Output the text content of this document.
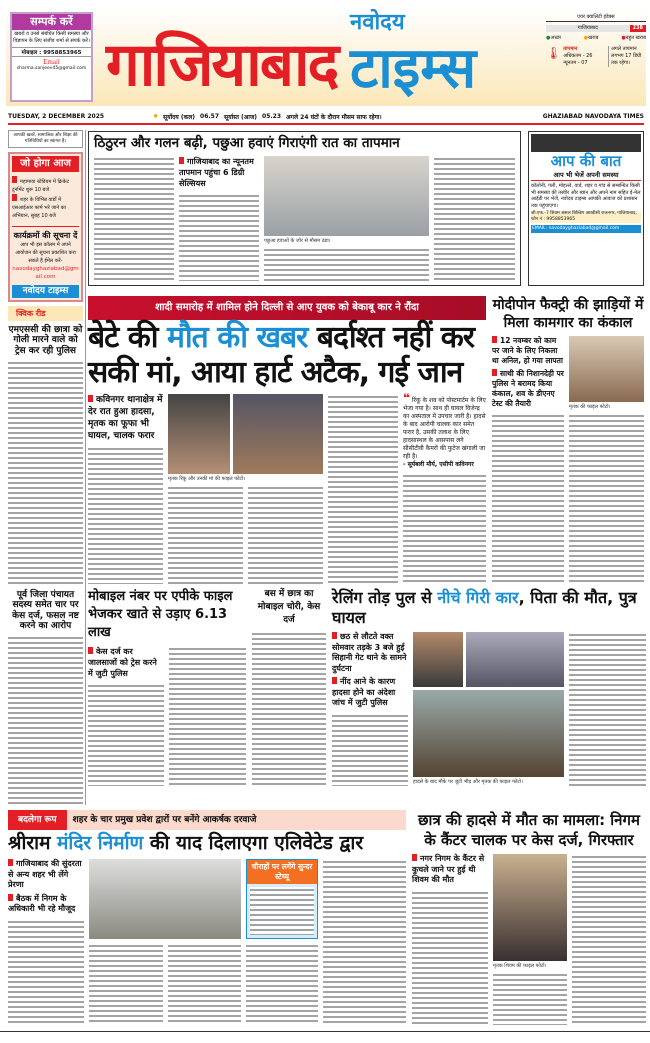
सम्पर्क करें
खबरों व उनसे संबंधित किसी समस्या और विज्ञापन के लिए संजीव शर्मा से संपर्क करें।
मोबाइल : 9958853965
Email
sharma.sanjeev45@gmail.com गाजियाबाद
नवोदय
टाइम्स
एयर क्वालिटी इंडेक्स
गाजियाबाद	238
●अच्छा	●खराब	●बहुत खराब
🌡 तापमान
अधिकतम - 26
न्यूनतम - 07
अगले तापमान लगभग 17 डिग्री तक रहेगा।
TUESDAY, 2 DECEMBER 2025	✹ सूर्योदय (कल) 06.57 सूर्यास्त (आज) 05.23 अगले 24 घंटों के दौरान मौसम साफ रहेगा।	GHAZIABAD NAVODAYA TIMES
आपकी खबरें, सामाजिक और शिक्षा की गतिविधियों का स्वागत है।
जो होगा आज
महामाया स्टेडियम में क्रिकेट टूर्नामेंट शुरू 10 बजे
शहर के विभिन्न वार्डों में एसआईआर फार्म भरे जाने का अभियान, सुबह 10 बजे
कार्यक्रमों की सूचना दें
आप भी इस कॉलम में अपने आयोजन की सूचना प्रकाशित करा सकते हैं ईमेल करें-
navodayghaziabad@gmail.com
नवोदय टाइम्स
क्विक रीड
एमएससी की छात्रा को गोली मारने वाले को ट्रेस कर रही पुलिस
पूर्व जिला पंचायत सदस्य समेत चार पर केस दर्ज, फसल नष्ट करने का आरोप
ठिठुरन और गलन बढ़ी, पछुआ हवाएं गिराएंगी रात का तापमान
गाजियाबाद का न्यूनतम तापमान पहुंचा 6 डिग्री सेल्सियस
पछुआ हवाओं के जोर से मौसम ठंडा।
आप की बात
आप भी भेजें अपनी समस्या
कॉलोनी, गली, मोहल्ले, वार्ड, शहर व गांव से सम्बन्धित किसी भी समस्या की तस्वीर और ब्यान और अपने नाम सहित ई-मेल आईडी पर भेजें, नवोदय टाइम्स आपकी आवाज को प्रशासन तक पहुंचाएगा।
जी.एफ.-7 शिवम अंसल बिल्डिंग आरडीसी राजनगर, गाजियाबाद, फोन नं : 9958853965
EMAIL: navodayghaziabad@gmail.com
शादी समारोह में शामिल होने दिल्ली से आए युवक को बेकाबू कार ने रौंदा
बेटे की मौत की खबर बर्दाश्त नहीं कर सकी मां, आया हार्ट अटैक, गई जान
कविनगर थानाक्षेत्र में देर रात हुआ हादसा, मृतक का फूफा भी घायल, चालक फरार
मृतक रिंकू और उनकी मां की फाइल फोटो।
❝ रिंकू के शव को पोस्टमार्टम के लिए भेजा गया है। साथ ही घायल विजेन्द्र का अस्पताल में उपचार जारी है। हादसे के बाद आरोपी चालक कार समेत फरार है, उसकी तलाश के लिए हादसास्थल के आसपास लगे सीसीटीवी कैमरों की फुटेज खंगाली जा रही है।
- सूर्यबली मौर्य, एसीपी कविनगर
मोदीपोन फैक्ट्री की झाड़ियों में मिला कामगार का कंकाल
12 नवम्बर को काम पर जाने के लिए निकला था अनिल, हो गया लापता
साथी की निशानदेही पर पुलिस ने बरामद किया कंकाल, शव के डीएनए टेस्ट की तैयारी	मृतक की फाइल फोटो।
मोबाइल नंबर पर एपीके फाइल भेजकर खाते से उड़ाए 6.13 लाख
केस दर्ज कर जालसाजों को ट्रेस करने में जुटी पुलिस
बस में छात्र का मोबाइल चोरी, केस दर्ज
रेलिंग तोड़ पुल से नीचे गिरी कार, पिता की मौत, पुत्र घायल
छठ से लौटते वक्त सोमवार तड़के 3 बजे हुई सिहानी गेट थाने के सामने दुर्घटना
नींद आने के कारण हादसा होने का अंदेशा जांच में जुटी पुलिस
हादसे के बाद मौके पर जुटी भीड़ और मृतक की फाइल फोटो।
बदलेगा रूप	शहर के चार प्रमुख प्रवेश द्वारों पर बनेंगे आकर्षक दरवाजे
श्रीराम मंदिर निर्माण की याद दिलाएगा एलिवेटेड द्वार
गाजियाबाद की सुंदरता से अन्य शहर भी लेंगे प्रेरणा
बैठक में निगम के अधिकारी भी रहे मौजूद
चौराहों पर लगेंगे सुन्दर स्टेच्यू
छात्र की हादसे में मौत का मामला: निगम के कैंटर चालक पर केस दर्ज, गिरफ्तार
नगर निगम के कैंटर से कुचले जाने पर हुई थी शिवम की मौत
मृतक शिवम की फाइल फोटो।
